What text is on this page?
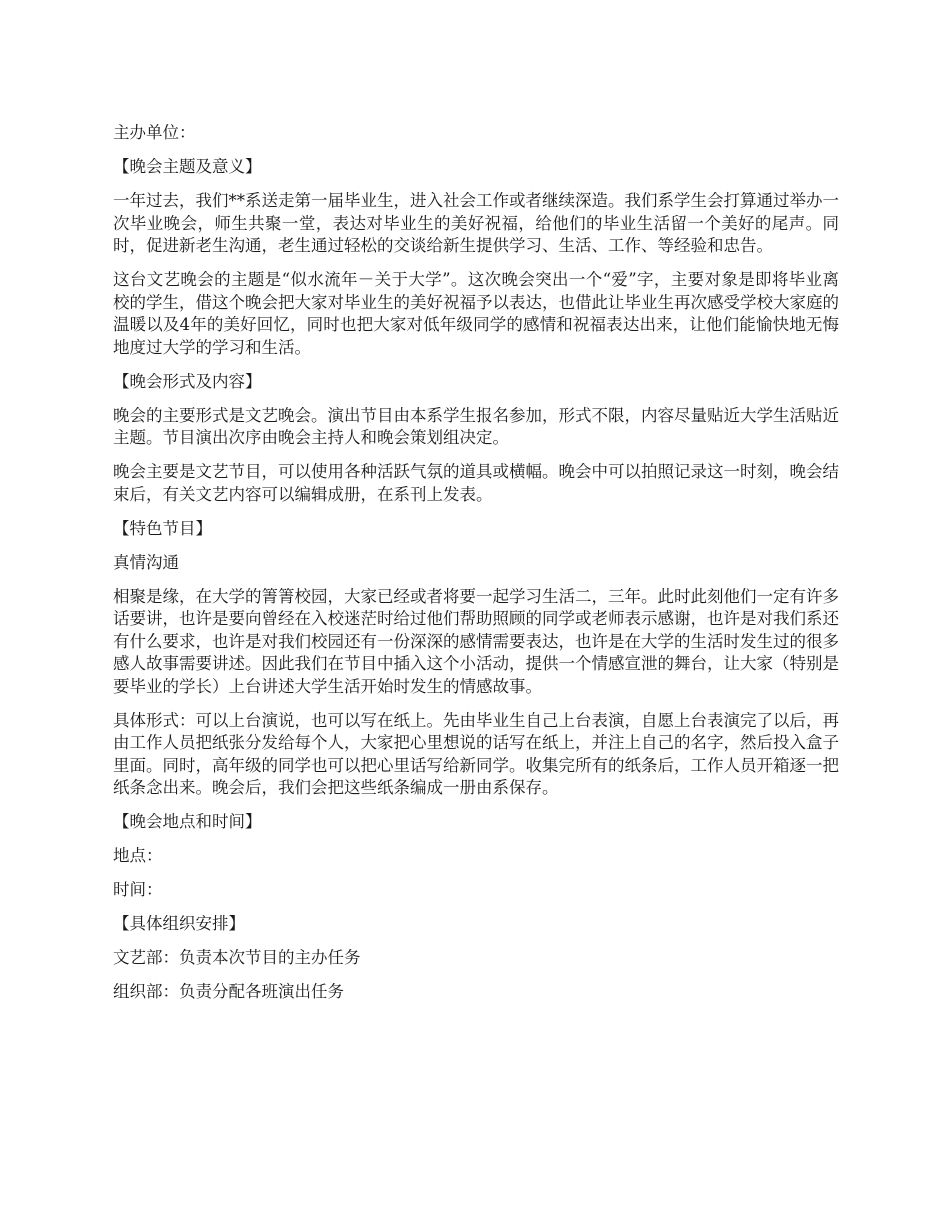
主办单位：

【晚会主题及意义】

一年过去，我们**系送走第一届毕业生，进入社会工作或者继续深造。我们系学生会打算通过举办一次毕业晚会，师生共聚一堂，表达对毕业生的美好祝福，给他们的毕业生活留一个美好的尾声。同时，促进新老生沟通，老生通过轻松的交谈给新生提供学习、生活、工作、等经验和忠告。

这台文艺晚会的主题是“似水流年－关于大学”。这次晚会突出一个“爱”字，主要对象是即将毕业离校的学生，借这个晚会把大家对毕业生的美好祝福予以表达，也借此让毕业生再次感受学校大家庭的温暖以及4年的美好回忆，同时也把大家对低年级同学的感情和祝福表达出来，让他们能愉快地无悔地度过大学的学习和生活。

【晚会形式及内容】

晚会的主要形式是文艺晚会。演出节目由本系学生报名参加，形式不限，内容尽量贴近大学生活贴近主题。节目演出次序由晚会主持人和晚会策划组决定。

晚会主要是文艺节目，可以使用各种活跃气氛的道具或横幅。晚会中可以拍照记录这一时刻，晚会结束后，有关文艺内容可以编辑成册，在系刊上发表。

【特色节目】

真情沟通

相聚是缘，在大学的箐箐校园，大家已经或者将要一起学习生活二，三年。此时此刻他们一定有许多话要讲，也许是要向曾经在入校迷茫时给过他们帮助照顾的同学或老师表示感谢，也许是对我们系还有什么要求，也许是对我们校园还有一份深深的感情需要表达，也许是在大学的生活时发生过的很多感人故事需要讲述。因此我们在节目中插入这个小活动，提供一个情感宣泄的舞台，让大家（特别是要毕业的学长）上台讲述大学生活开始时发生的情感故事。

具体形式：可以上台演说，也可以写在纸上。先由毕业生自己上台表演，自愿上台表演完了以后，再由工作人员把纸张分发给每个人，大家把心里想说的话写在纸上，并注上自己的名字，然后投入盒子里面。同时，高年级的同学也可以把心里话写给新同学。收集完所有的纸条后，工作人员开箱逐一把纸条念出来。晚会后，我们会把这些纸条编成一册由系保存。

【晚会地点和时间】

地点：

时间：

【具体组织安排】

文艺部：负责本次节目的主办任务

组织部：负责分配各班演出任务
